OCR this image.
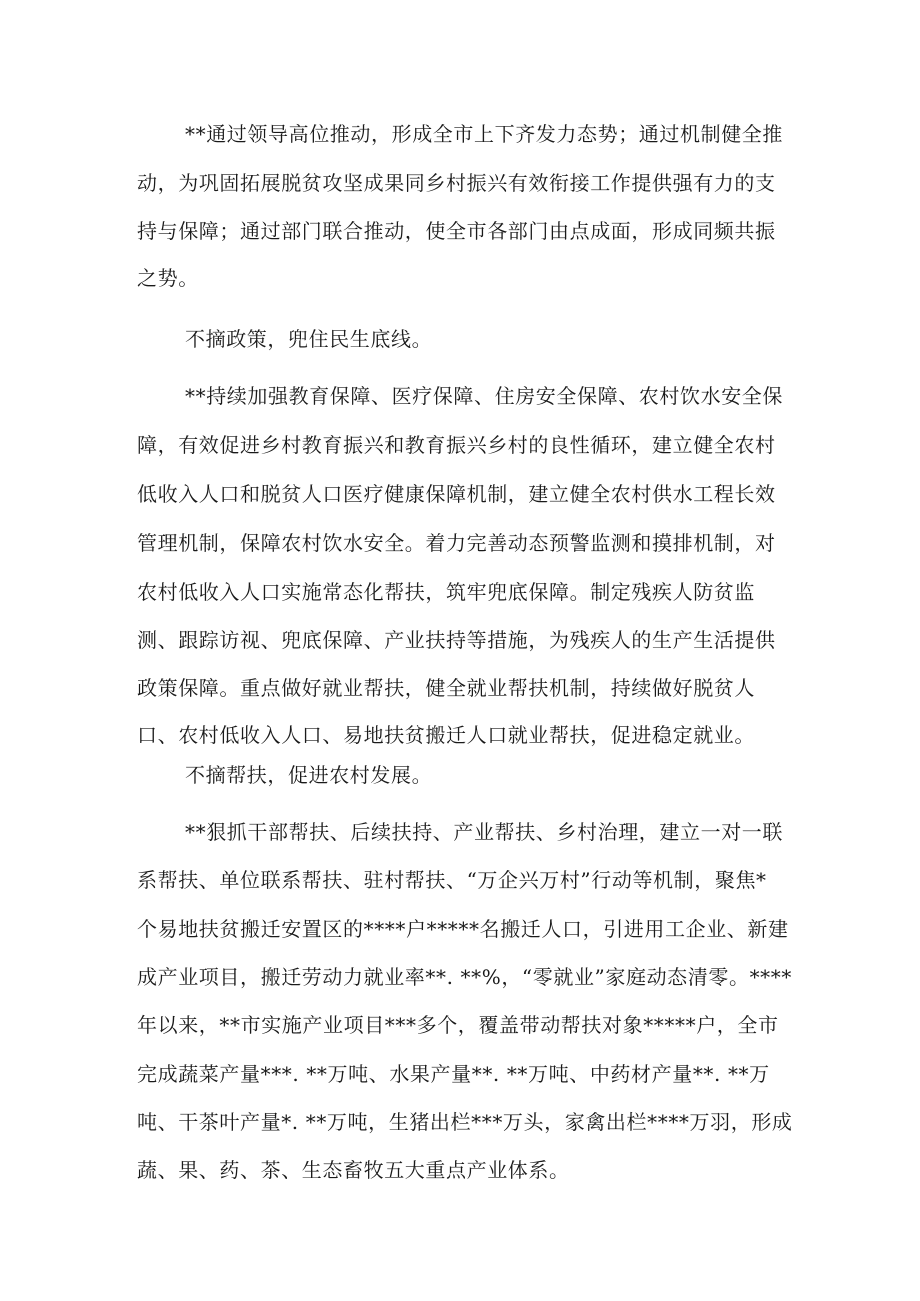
**通过领导高位推动，形成全市上下齐发力态势；通过机制健全推
动，为巩固拓展脱贫攻坚成果同乡村振兴有效衔接工作提供强有力的支
持与保障；通过部门联合推动，使全市各部门由点成面，形成同频共振
之势。
不摘政策，兜住民生底线。
**持续加强教育保障、医疗保障、住房安全保障、农村饮水安全保
障，有效促进乡村教育振兴和教育振兴乡村的良性循环，建立健全农村
低收入人口和脱贫人口医疗健康保障机制，建立健全农村供水工程长效
管理机制，保障农村饮水安全。着力完善动态预警监测和摸排机制，对
农村低收入人口实施常态化帮扶，筑牢兜底保障。制定残疾人防贫监
测、跟踪访视、兜底保障、产业扶持等措施，为残疾人的生产生活提供
政策保障。重点做好就业帮扶，健全就业帮扶机制，持续做好脱贫人
口、农村低收入人口、易地扶贫搬迁人口就业帮扶，促进稳定就业。
不摘帮扶，促进农村发展。
**狠抓干部帮扶、后续扶持、产业帮扶、乡村治理，建立一对一联
系帮扶、单位联系帮扶、驻村帮扶、“万企兴万村”行动等机制，聚焦*
个易地扶贫搬迁安置区的****户*****名搬迁人口，引进用工企业、新建
成产业项目，搬迁劳动力就业率**. **%，“零就业”家庭动态清零。****
年以来，**市实施产业项目***多个，覆盖带动帮扶对象*****户，全市
完成蔬菜产量***. **万吨、水果产量**. **万吨、中药材产量**. **万
吨、干茶叶产量*. **万吨，生猪出栏***万头，家禽出栏****万羽，形成
蔬、果、药、茶、生态畜牧五大重点产业体系。
